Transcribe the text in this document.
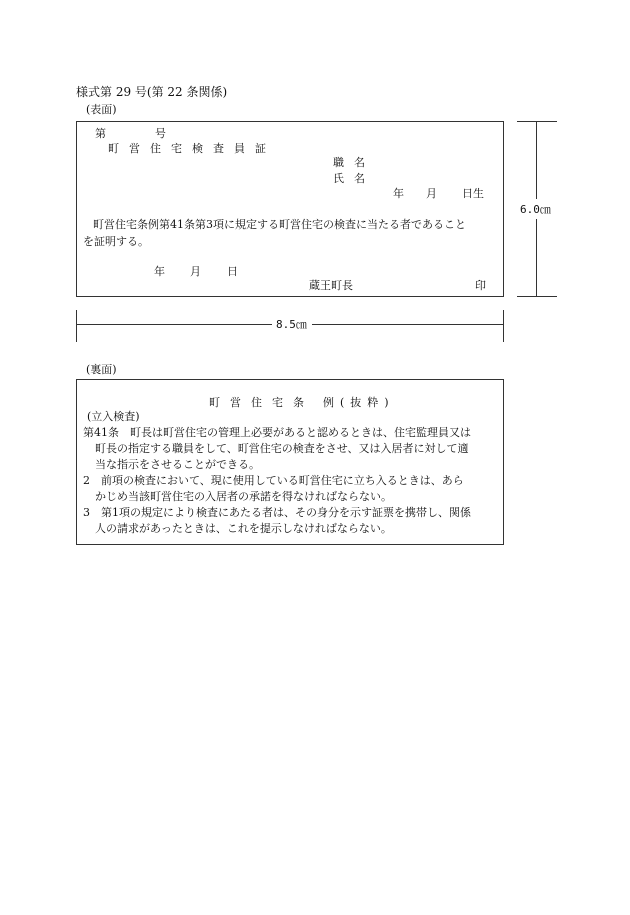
様式第 29 号(第 22 条関係)
(表面)
第	号
町営住宅検査員証
職名
氏名
年 月 日生
町営住宅条例第41条第3項に規定する町営住宅の検査に当たる者であること
を証明する。
年 月 日
蔵王町長	印
6.0㎝
8.5㎝
(裏面)
町営住宅条 例(抜粋)
(立入検査)
第41条　町長は町営住宅の管理上必要があると認めるときは、住宅監理員又は
町長の指定する職員をして、町営住宅の検査をさせ、又は入居者に対して適
当な指示をさせることができる。
2　前項の検査において、現に使用している町営住宅に立ち入るときは、あら
かじめ当該町営住宅の入居者の承諾を得なければならない。
3　第1項の規定により検査にあたる者は、その身分を示す証票を携帯し、関係
人の請求があったときは、これを提示しなければならない。
